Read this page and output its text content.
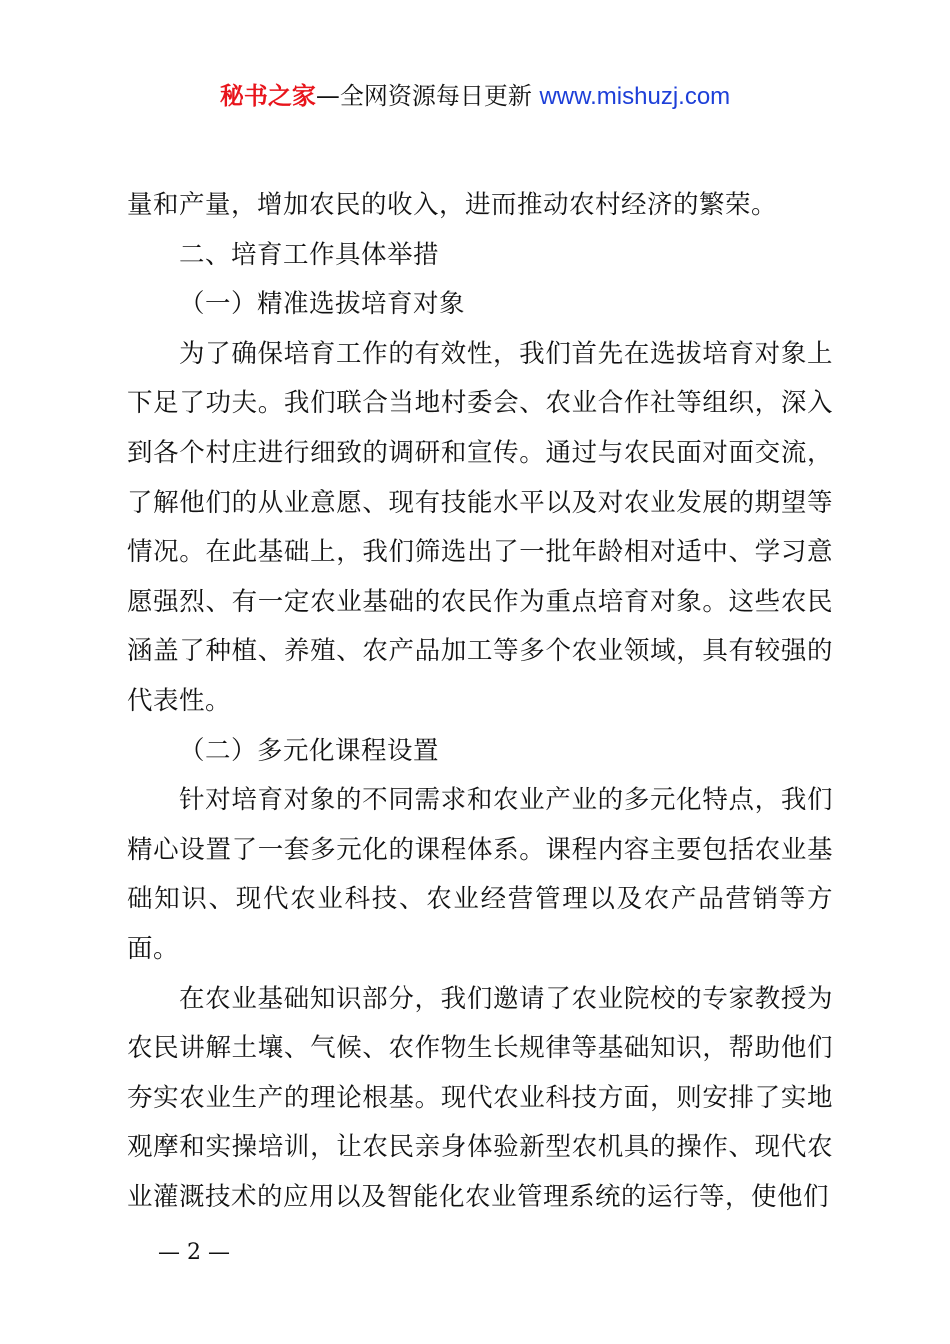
秘书之家—全网资源每日更新 www.mishuzj.com

量和产量，增加农民的收入，进而推动农村经济的繁荣。

二、培育工作具体举措

（一）精准选拔培育对象

为了确保培育工作的有效性，我们首先在选拔培育对象上下足了功夫。我们联合当地村委会、农业合作社等组织，深入到各个村庄进行细致的调研和宣传。通过与农民面对面交流，了解他们的从业意愿、现有技能水平以及对农业发展的期望等情况。在此基础上，我们筛选出了一批年龄相对适中、学习意愿强烈、有一定农业基础的农民作为重点培育对象。这些农民涵盖了种植、养殖、农产品加工等多个农业领域，具有较强的代表性。

（二）多元化课程设置

针对培育对象的不同需求和农业产业的多元化特点，我们精心设置了一套多元化的课程体系。课程内容主要包括农业基础知识、现代农业科技、农业经营管理以及农产品营销等方面。

在农业基础知识部分，我们邀请了农业院校的专家教授为农民讲解土壤、气候、农作物生长规律等基础知识，帮助他们夯实农业生产的理论根基。现代农业科技方面，则安排了实地观摩和实操培训，让农民亲身体验新型农机具的操作、现代农业灌溉技术的应用以及智能化农业管理系统的运行等，使他们

— 2 —
